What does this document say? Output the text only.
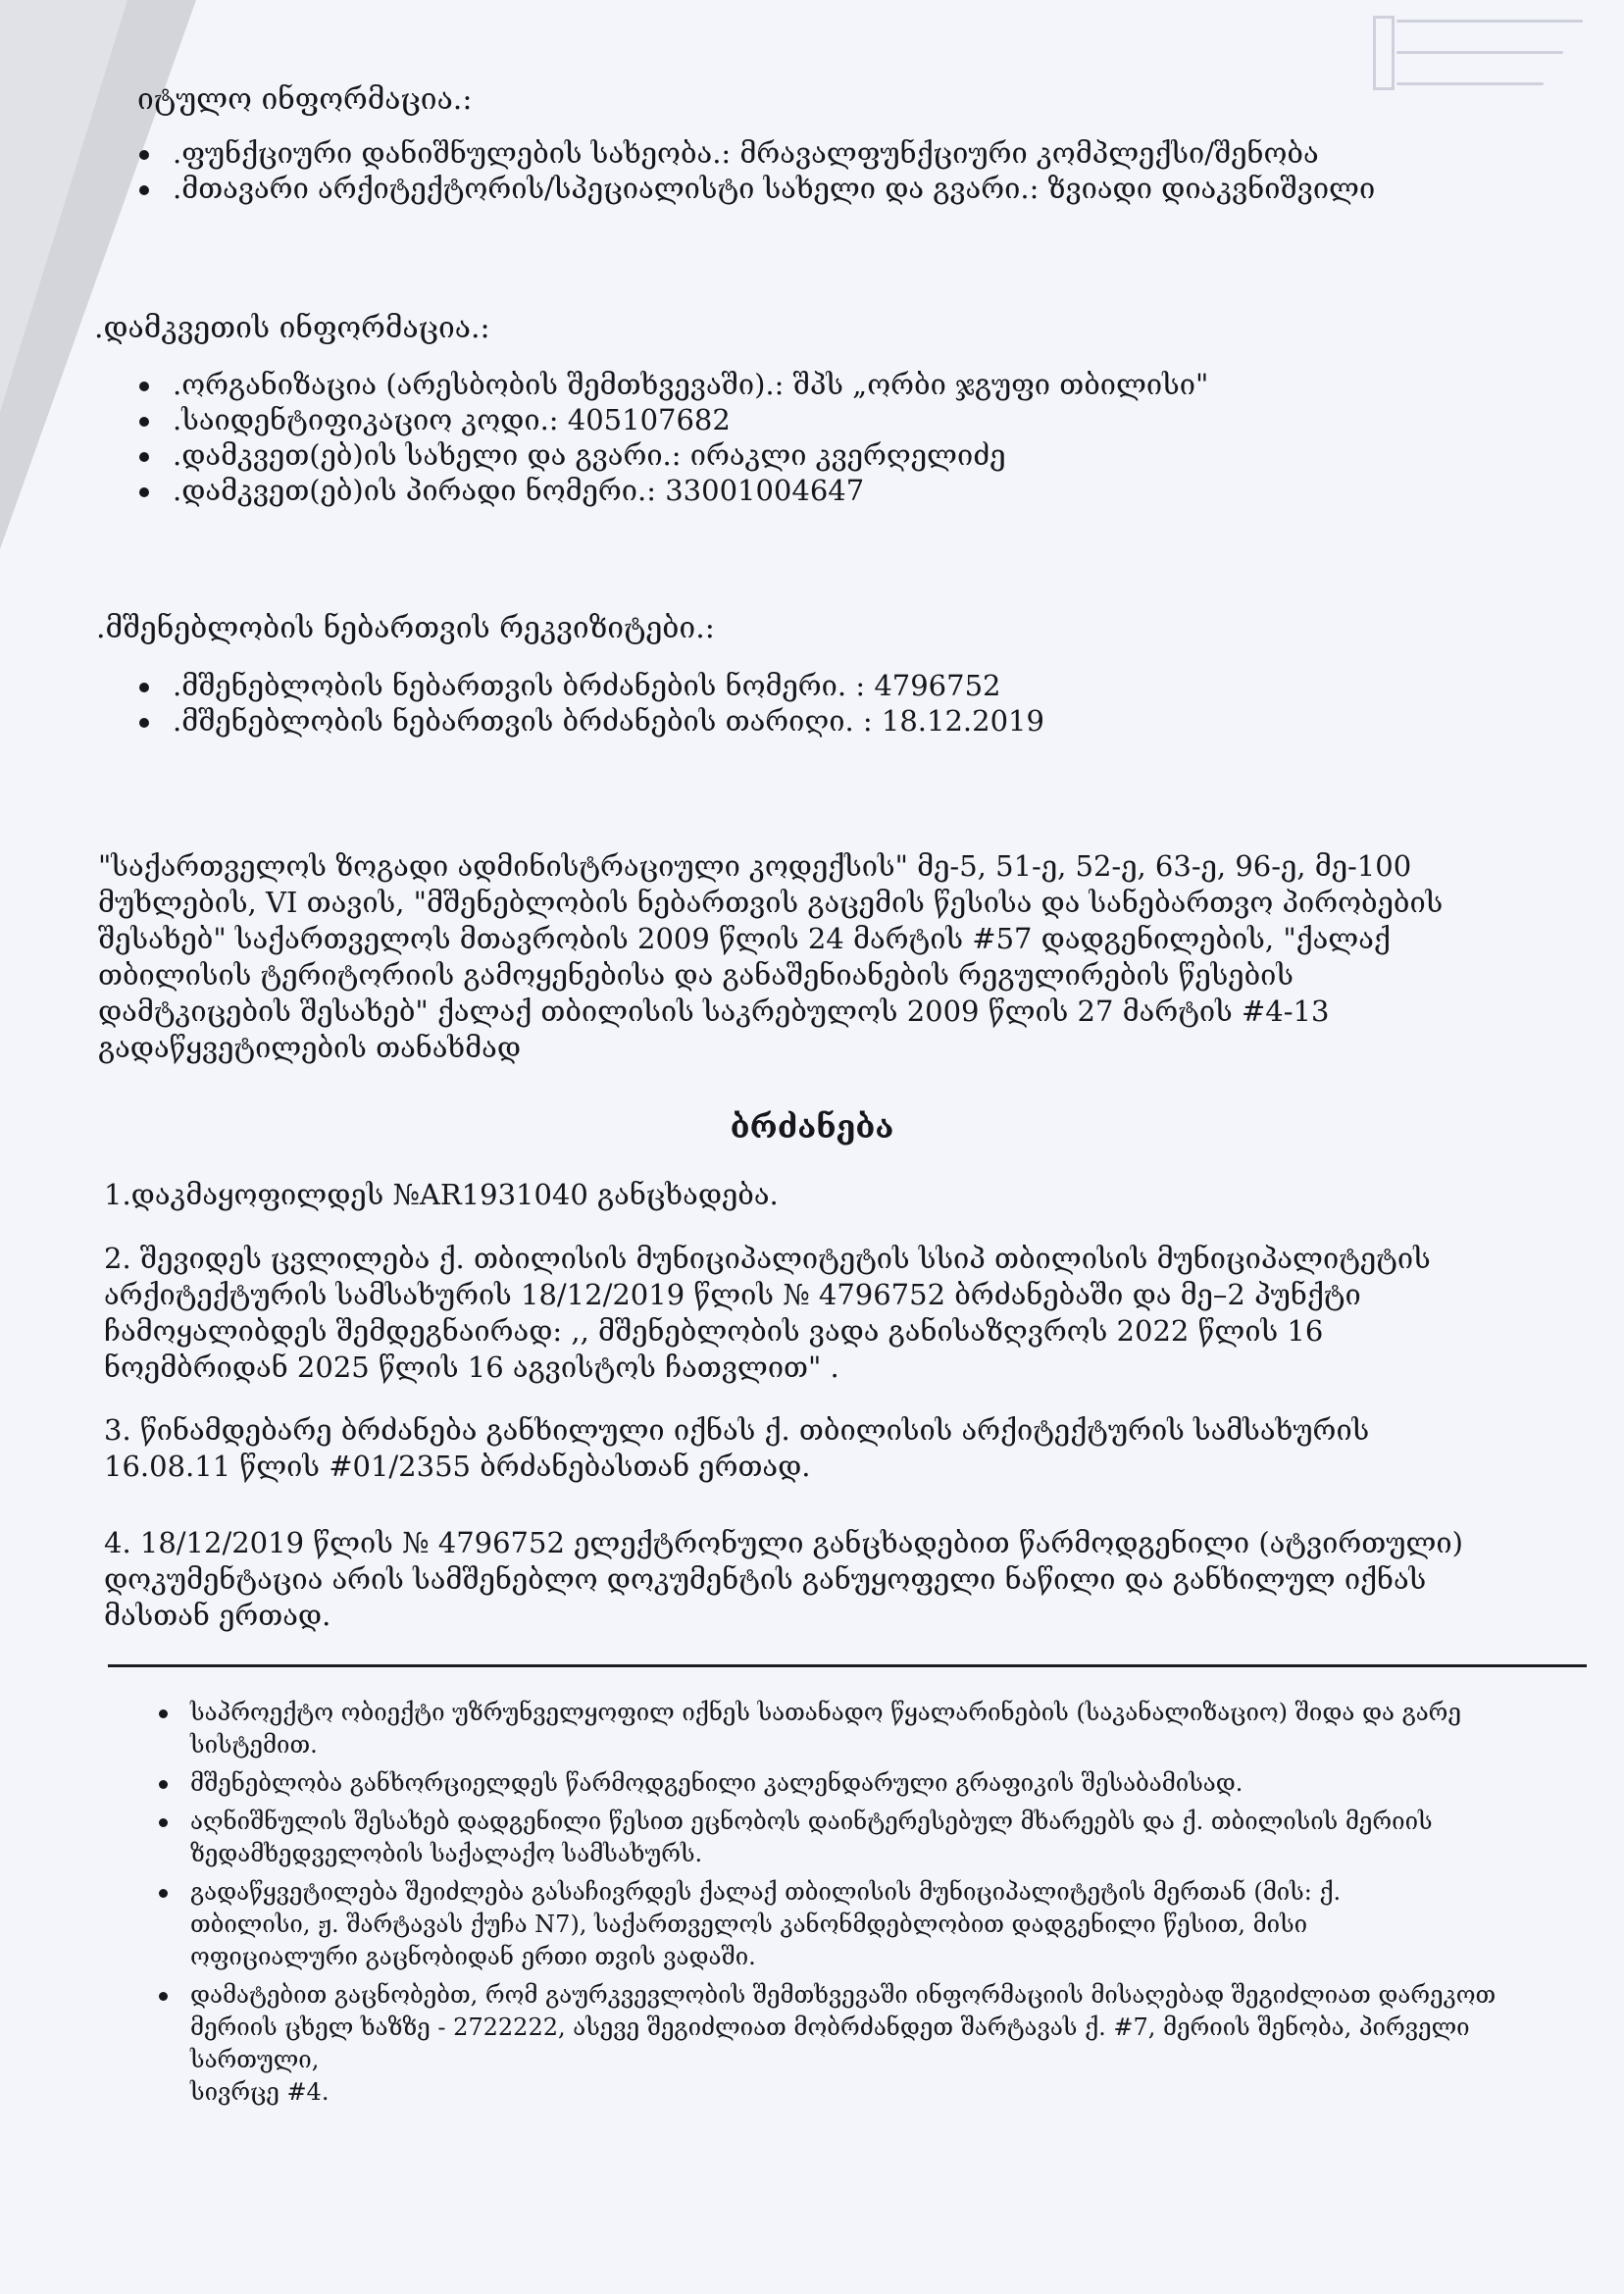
იტულო ინფორმაცია.:
.ფუნქციური დანიშნულების სახეობა.: მრავალფუნქციური კომპლექსი/შენობა
.მთავარი არქიტექტორის/სპეციალისტი სახელი და გვარი.: ზვიადი დიაკვნიშვილი
.დამკვეთის ინფორმაცია.:
.ორგანიზაცია (არესბობის შემთხვევაში).: შპს „ორბი ჯგუფი თბილისი"
.საიდენტიფიკაციო კოდი.: 405107682
.დამკვეთ(ებ)ის სახელი და გვარი.: ირაკლი კვერღელიძე
.დამკვეთ(ებ)ის პირადი ნომერი.: 33001004647
.მშენებლობის ნებართვის რეკვიზიტები.:
.მშენებლობის ნებართვის ბრძანების ნომერი. : 4796752
.მშენებლობის ნებართვის ბრძანების თარიღი. : 18.12.2019
"საქართველოს ზოგადი ადმინისტრაციული კოდექსის" მე-5, 51-ე, 52-ე, 63-ე, 96-ე, მე-100
მუხლების, VI თავის, "მშენებლობის ნებართვის გაცემის წესისა და სანებართვო პირობების
შესახებ" საქართველოს მთავრობის 2009 წლის 24 მარტის #57 დადგენილების, "ქალაქ
თბილისის ტერიტორიის გამოყენებისა და განაშენიანების რეგულირების წესების
დამტკიცების შესახებ" ქალაქ თბილისის საკრებულოს 2009 წლის 27 მარტის #4-13
გადაწყვეტილების თანახმად
ბრძანება
1.დაკმაყოფილდეს №AR1931040 განცხადება.
2. შევიდეს ცვლილება ქ. თბილისის მუნიციპალიტეტის სსიპ თბილისის მუნიციპალიტეტის
არქიტექტურის სამსახურის 18/12/2019 წლის № 4796752 ბრძანებაში და მე–2 პუნქტი
ჩამოყალიბდეს შემდეგნაირად: ,, მშენებლობის ვადა განისაზღვროს 2022 წლის 16
ნოემბრიდან 2025 წლის 16 აგვისტოს ჩათვლით" .
3. წინამდებარე ბრძანება განხილული იქნას ქ. თბილისის არქიტექტურის სამსახურის
16.08.11 წლის #01/2355 ბრძანებასთან ერთად.
4. 18/12/2019 წლის № 4796752 ელექტრონული განცხადებით წარმოდგენილი (ატვირთული)
დოკუმენტაცია არის სამშენებლო დოკუმენტის განუყოფელი ნაწილი და განხილულ იქნას
მასთან ერთად.
საპროექტო ობიექტი უზრუნველყოფილ იქნეს სათანადო წყალარინების (საკანალიზაციო) შიდა და გარე
სისტემით.
მშენებლობა განხორციელდეს წარმოდგენილი კალენდარული გრაფიკის შესაბამისად.
აღნიშნულის შესახებ დადგენილი წესით ეცნობოს დაინტერესებულ მხარეებს და ქ. თბილისის მერიის
ზედამხედველობის საქალაქო სამსახურს.
გადაწყვეტილება შეიძლება გასაჩივრდეს ქალაქ თბილისის მუნიციპალიტეტის მერთან (მის: ქ.
თბილისი, ჟ. შარტავას ქუჩა N7), საქართველოს კანონმდებლობით დადგენილი წესით, მისი
ოფიციალური გაცნობიდან ერთი თვის ვადაში.
დამატებით გაცნობებთ, რომ გაურკვევლობის შემთხვევაში ინფორმაციის მისაღებად შეგიძლიათ დარეკოთ
მერიის ცხელ ხაზზე - 2722222, ასევე შეგიძლიათ მობრძანდეთ შარტავას ქ. #7, მერიის შენობა, პირველი სართული,
სივრცე #4.
